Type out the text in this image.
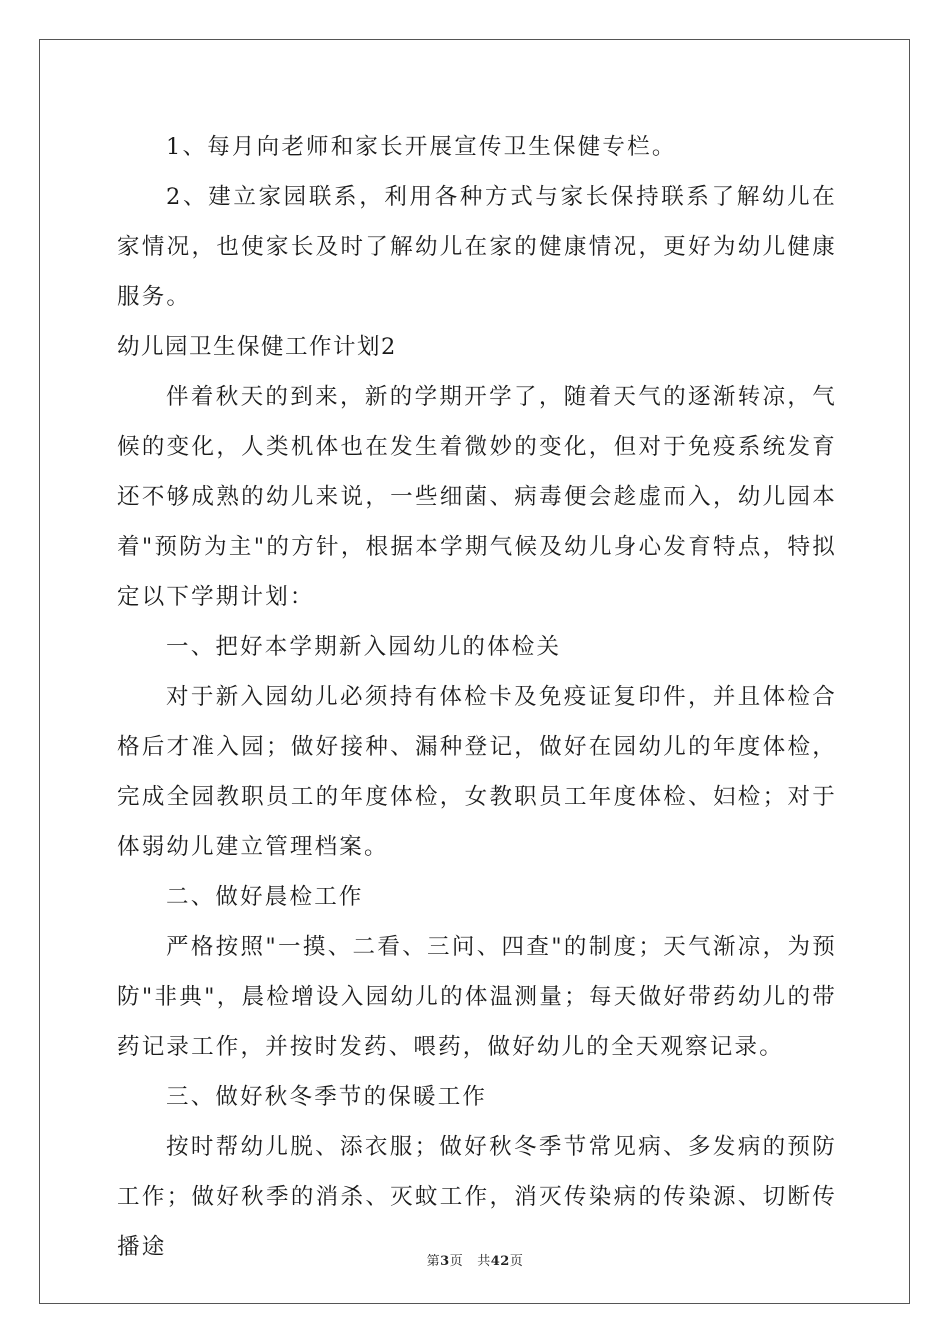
1、每月向老师和家长开展宣传卫生保健专栏。

2、建立家园联系，利用各种方式与家长保持联系了解幼儿在家情况，也使家长及时了解幼儿在家的健康情况，更好为幼儿健康服务。

幼儿园卫生保健工作计划2

伴着秋天的到来，新的学期开学了，随着天气的逐渐转凉，气候的变化，人类机体也在发生着微妙的变化，但对于免疫系统发育还不够成熟的幼儿来说，一些细菌、病毒便会趁虚而入，幼儿园本着"预防为主"的方针，根据本学期气候及幼儿身心发育特点，特拟定以下学期计划：

一、把好本学期新入园幼儿的体检关

对于新入园幼儿必须持有体检卡及免疫证复印件，并且体检合格后才准入园；做好接种、漏种登记，做好在园幼儿的年度体检，完成全园教职员工的年度体检，女教职员工年度体检、妇检；对于体弱幼儿建立管理档案。

二、做好晨检工作

严格按照"一摸、二看、三问、四查"的制度；天气渐凉，为预防"非典"，晨检增设入园幼儿的体温测量；每天做好带药幼儿的带药记录工作，并按时发药、喂药，做好幼儿的全天观察记录。

三、做好秋冬季节的保暖工作

按时帮幼儿脱、添衣服；做好秋冬季节常见病、多发病的预防工作；做好秋季的消杀、灭蚊工作，消灭传染病的传染源、切断传播途

第3页 共42页
